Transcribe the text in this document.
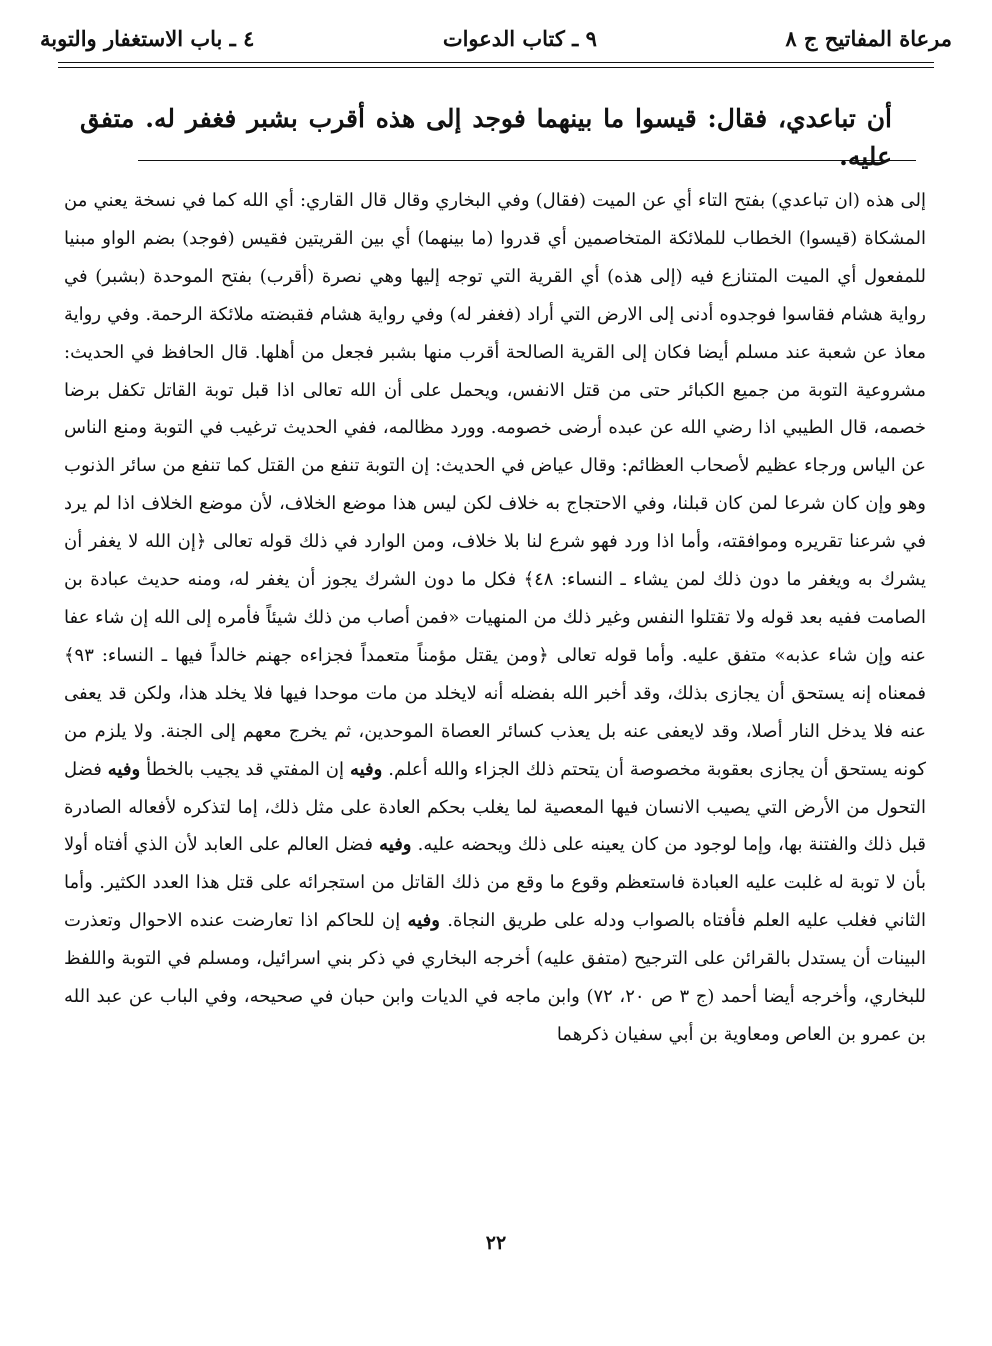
مرعاة المفاتيح ج ٨
٩ ـ كتاب الدعوات
٤ ـ باب الاستغفار والتوبة
أن تباعدي، فقال: قيسوا ما بينهما فوجد إلى هذه أقرب بشبر فغفر له. متفق عليه.

إلى هذه (ان تباعدي) بفتح التاء أي عن الميت (فقال) وفي البخاري وقال قال القاري: أي الله كما في نسخة يعني من المشكاة (قيسوا) الخطاب للملائكة المتخاصمين أي قدروا (ما بينهما) أي بين القريتين فقيس (فوجد) بضم الواو مبنيا للمفعول أي الميت المتنازع فيه (إلى هذه) أي القرية التي توجه إليها وهي نصرة (أقرب) بفتح الموحدة (بشبر) في رواية هشام فقاسوا فوجدوه أدنى إلى الارض التي أراد (فغفر له) وفي رواية هشام فقبضته ملائكة الرحمة. وفي رواية معاذ عن شعبة عند مسلم أيضا فكان إلى القرية الصالحة أقرب منها بشبر فجعل من أهلها. قال الحافظ في الحديث: مشروعية التوبة من جميع الكبائر حتى من قتل الانفس، ويحمل على أن الله تعالى اذا قبل توبة القاتل تكفل برضا خصمه، قال الطيبي اذا رضي الله عن عبده أرضى خصومه. وورد مظالمه، ففي الحديث ترغيب في التوبة ومنع الناس عن الياس ورجاء عظيم لأصحاب العظائم: وقال عياض في الحديث: إن التوبة تنفع من القتل كما تنفع من سائر الذنوب وهو وإن كان شرعا لمن كان قبلنا، وفي الاحتجاج به خلاف لكن ليس هذا موضع الخلاف، لأن موضع الخلاف اذا لم يرد في شرعنا تقريره وموافقته، وأما اذا ورد فهو شرع لنا بلا خلاف، ومن الوارد في ذلك قوله تعالى ﴿إن الله لا يغفر أن يشرك به ويغفر ما دون ذلك لمن يشاء ـ النساء: ٤٨﴾ فكل ما دون الشرك يجوز أن يغفر له، ومنه حديث عبادة بن الصامت ففيه بعد قوله ولا تقتلوا النفس وغير ذلك من المنهيات «فمن أصاب من ذلك شيئاً فأمره إلى الله إن شاء عفا عنه وإن شاء عذبه» متفق عليه. وأما قوله تعالى ﴿ومن يقتل مؤمناً متعمداً فجزاءه جهنم خالداً فيها ـ النساء: ٩٣﴾ فمعناه إنه يستحق أن يجازى بذلك، وقد أخبر الله بفضله أنه لايخلد من مات موحدا فيها فلا يخلد هذا، ولكن قد يعفى عنه فلا يدخل النار أصلا، وقد لايعفى عنه بل يعذب كسائر العصاة الموحدين، ثم يخرج معهم إلى الجنة. ولا يلزم من كونه يستحق أن يجازى بعقوبة مخصوصة أن يتحتم ذلك الجزاء والله أعلم. وفيه إن المفتي قد يجيب بالخطأ وفيه فضل التحول من الأرض التي يصيب الانسان فيها المعصية لما يغلب بحكم العادة على مثل ذلك، إما لتذكره لأفعاله الصادرة قبل ذلك والفتنة بها، وإما لوجود من كان يعينه على ذلك ويحضه عليه. وفيه فضل العالم على العابد لأن الذي أفتاه أولا بأن لا توبة له غلبت عليه العبادة فاستعظم وقوع ما وقع من ذلك القاتل من استجرائه على قتل هذا العدد الكثير. وأما الثاني فغلب عليه العلم فأفتاه بالصواب ودله على طريق النجاة. وفيه إن للحاكم اذا تعارضت عنده الاحوال وتعذرت البينات أن يستدل بالقرائن على الترجيح (متفق عليه) أخرجه البخاري في ذكر بني اسرائيل، ومسلم في التوبة واللفظ للبخاري، وأخرجه أيضا أحمد (ج ٣ ص ٢٠، ٧٢) وابن ماجه في الديات وابن حبان في صحيحه، وفي الباب عن عبد الله بن عمرو بن العاص ومعاوية بن أبي سفيان ذكرهما

٢٢
